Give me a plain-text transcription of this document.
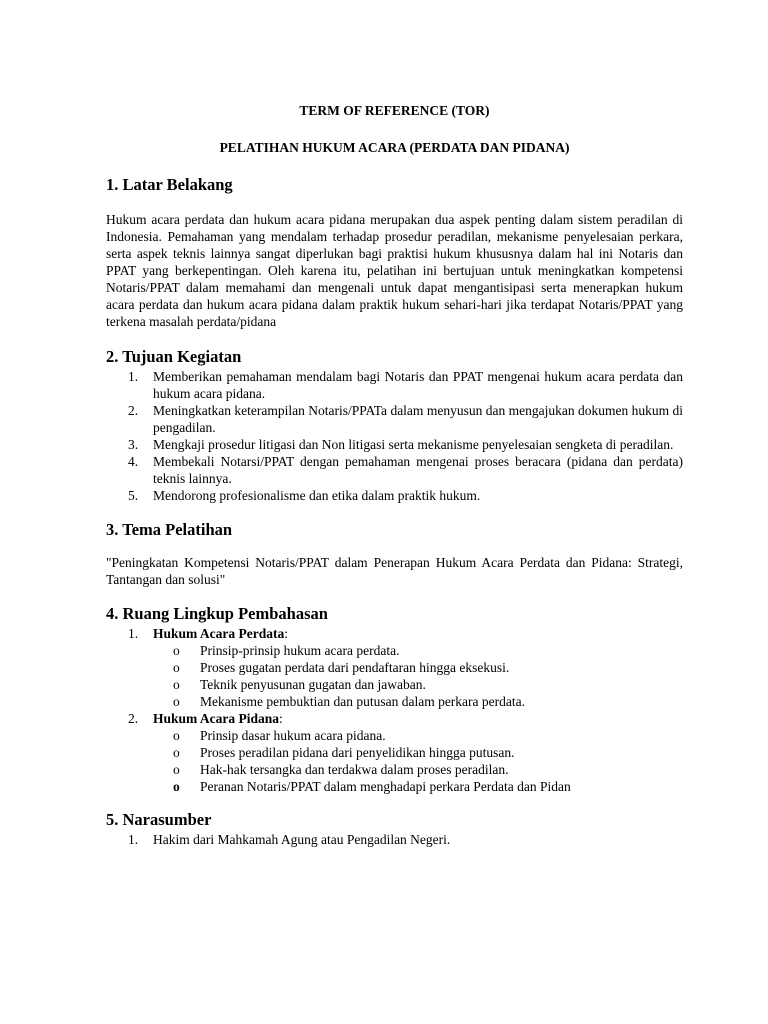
TERM OF REFERENCE (TOR)

PELATIHAN HUKUM ACARA (PERDATA DAN PIDANA)

1. Latar Belakang

Hukum acara perdata dan hukum acara pidana merupakan dua aspek penting dalam sistem peradilan di Indonesia. Pemahaman yang mendalam terhadap prosedur peradilan, mekanisme penyelesaian perkara, serta aspek teknis lainnya sangat diperlukan bagi praktisi hukum khususnya dalam hal ini Notaris dan PPAT yang berkepentingan. Oleh karena itu, pelatihan ini bertujuan untuk meningkatkan kompetensi Notaris/PPAT dalam memahami dan mengenali untuk dapat mengantisipasi serta menerapkan hukum acara perdata dan hukum acara pidana dalam praktik hukum sehari-hari jika terdapat Notaris/PPAT yang terkena masalah perdata/pidana

2. Tujuan Kegiatan
1. Memberikan pemahaman mendalam bagi Notaris dan PPAT mengenai hukum acara perdata dan hukum acara pidana.
2. Meningkatkan keterampilan Notaris/PPATa dalam menyusun dan mengajukan dokumen hukum di pengadilan.
3. Mengkaji prosedur litigasi dan Non litigasi serta mekanisme penyelesaian sengketa di peradilan.
4. Membekali Notarsi/PPAT dengan pemahaman mengenai proses beracara (pidana dan perdata) teknis lainnya.
5. Mendorong profesionalisme dan etika dalam praktik hukum.
3. Tema Pelatihan

"Peningkatan Kompetensi Notaris/PPAT dalam Penerapan Hukum Acara Perdata dan Pidana: Strategi, Tantangan dan solusi"

4. Ruang Lingkup Pembahasan
1. Hukum Acara Perdata:
o Prinsip-prinsip hukum acara perdata.
o Proses gugatan perdata dari pendaftaran hingga eksekusi.
o Teknik penyusunan gugatan dan jawaban.
o Mekanisme pembuktian dan putusan dalam perkara perdata.
2. Hukum Acara Pidana:
o Prinsip dasar hukum acara pidana.
o Proses peradilan pidana dari penyelidikan hingga putusan.
o Hak-hak tersangka dan terdakwa dalam proses peradilan.
o Peranan Notaris/PPAT dalam menghadapi perkara Perdata dan Pidan
5. Narasumber
1. Hakim dari Mahkamah Agung atau Pengadilan Negeri.
